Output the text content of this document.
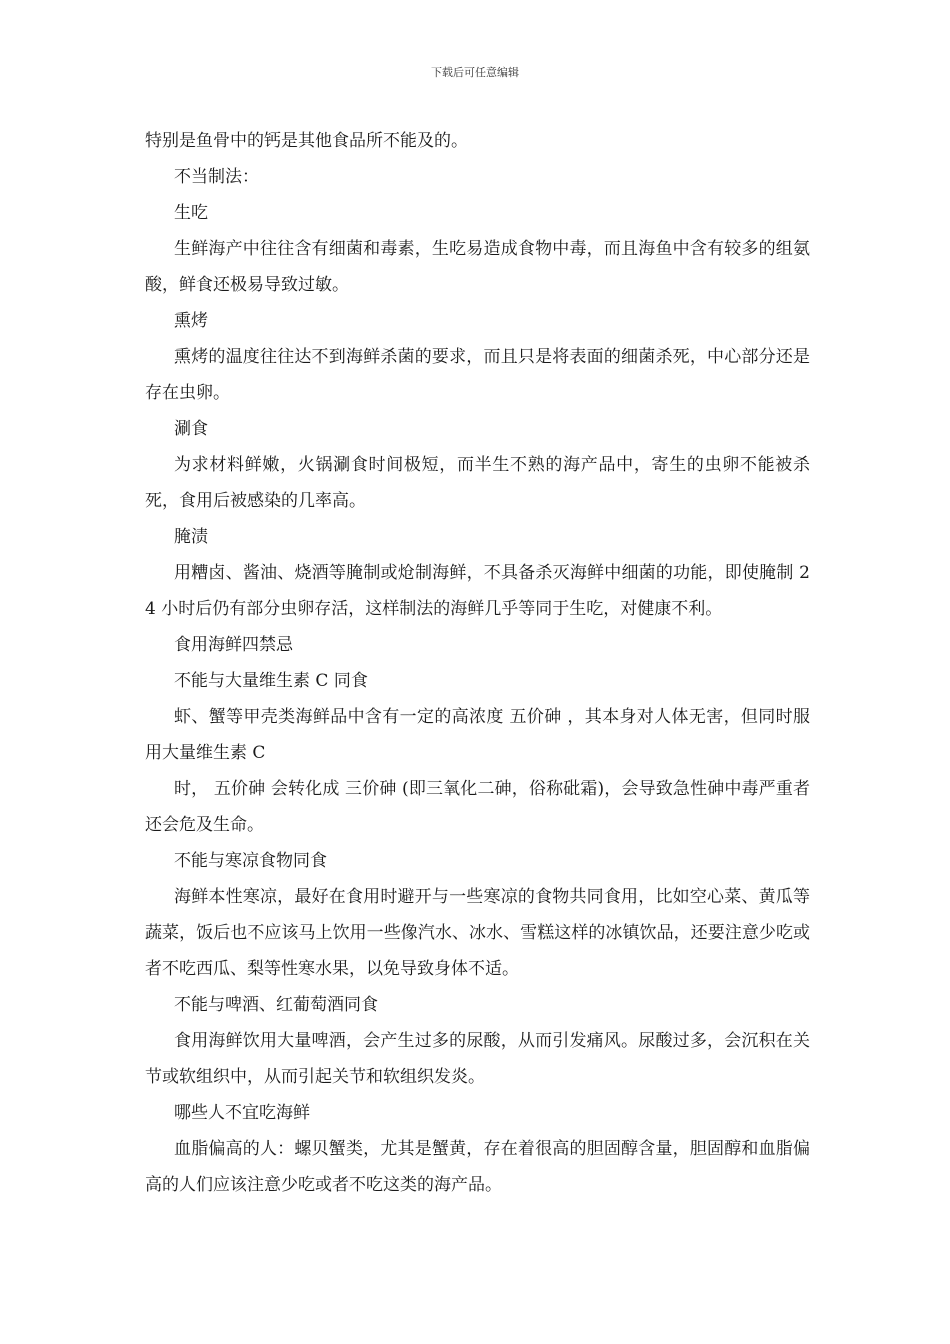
下载后可任意编辑

特别是鱼骨中的钙是其他食品所不能及的。

不当制法：

生吃

生鲜海产中往往含有细菌和毒素，生吃易造成食物中毒，而且海鱼中含有较多的组氨酸，鲜食还极易导致过敏。

熏烤

熏烤的温度往往达不到海鲜杀菌的要求，而且只是将表面的细菌杀死，中心部分还是存在虫卵。

涮食

为求材料鲜嫩，火锅涮食时间极短，而半生不熟的海产品中，寄生的虫卵不能被杀死，食用后被感染的几率高。

腌渍

用糟卤、酱油、烧酒等腌制或炝制海鲜，不具备杀灭海鲜中细菌的功能，即使腌制 24 小时后仍有部分虫卵存活，这样制法的海鲜几乎等同于生吃，对健康不利。

食用海鲜四禁忌

不能与大量维生素 C 同食

虾、蟹等甲壳类海鲜品中含有一定的高浓度 五价砷 ，其本身对人体无害，但同时服用大量维生素 C

时， 五价砷 会转化成 三价砷 (即三氧化二砷，俗称砒霜)，会导致急性砷中毒严重者还会危及生命。

不能与寒凉食物同食

海鲜本性寒凉，最好在食用时避开与一些寒凉的食物共同食用，比如空心菜、黄瓜等蔬菜，饭后也不应该马上饮用一些像汽水、冰水、雪糕这样的冰镇饮品，还要注意少吃或者不吃西瓜、梨等性寒水果，以免导致身体不适。

不能与啤酒、红葡萄酒同食

食用海鲜饮用大量啤酒，会产生过多的尿酸，从而引发痛风。尿酸过多，会沉积在关节或软组织中，从而引起关节和软组织发炎。

哪些人不宜吃海鲜

血脂偏高的人：螺贝蟹类，尤其是蟹黄，存在着很高的胆固醇含量，胆固醇和血脂偏高的人们应该注意少吃或者不吃这类的海产品。
